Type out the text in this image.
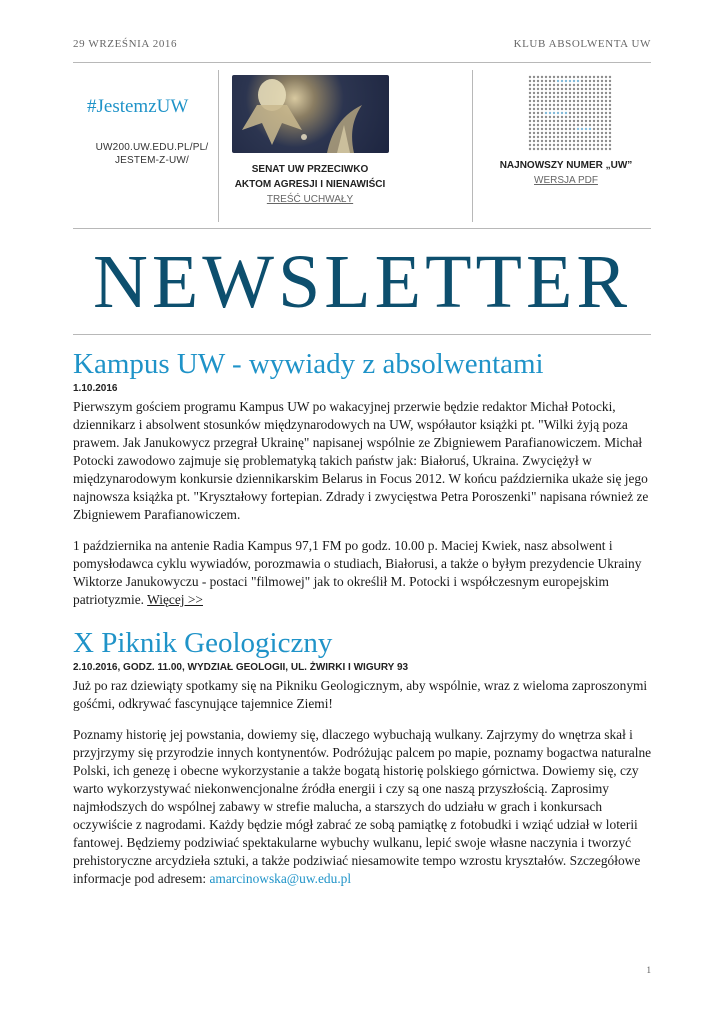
29 WRZEŚNIA 2016	KLUB ABSOLWENTA UW
#JestemzUW
UW200.UW.EDU.PL/PL/
JESTEM-Z-UW/
SENAT UW PRZECIWKO
AKTOM AGRESJI I NIENAWIŚCI
TREŚĆ UCHWAŁY
NAJNOWSZY NUMER „UW”
WERSJA PDF
NEWSLETTER
Kampus UW - wywiady z absolwentami
1.10.2016

Pierwszym gościem programu Kampus UW po wakacyjnej przerwie będzie redaktor Michał Potocki, dziennikarz i absolwent stosunków międzynarodowych na UW, współautor książki pt. "Wilki żyją poza prawem. Jak Janukowycz przegrał Ukrainę" napisanej wspólnie ze Zbigniewem Parafianowiczem. Michał Potocki zawodowo zajmuje się problematyką takich państw jak: Białoruś, Ukraina. Zwyciężył w międzynarodowym konkursie dziennikarskim Belarus in Focus 2012. W końcu października ukaże się jego najnowsza książka pt. "Kryształowy fortepian. Zdrady i zwycięstwa Petra Poroszenki" napisana również ze Zbigniewem Parafianowiczem.

1 października na antenie Radia Kampus 97,1 FM po godz. 10.00 p. Maciej Kwiek, nasz absolwent i pomysłodawca cyklu wywiadów, porozmawia o studiach, Białorusi, a także o byłym prezydencie Ukrainy Wiktorze Janukowyczu - postaci "filmowej" jak to określił M. Potocki i współczesnym europejskim patriotyzmie. Więcej >>

X Piknik Geologiczny
2.10.2016, GODZ. 11.00, WYDZIAŁ GEOLOGII, UL. ŻWIRKI I WIGURY 93

Już po raz dziewiąty spotkamy się na Pikniku Geologicznym, aby wspólnie, wraz z wieloma zaproszonymi gośćmi, odkrywać fascynujące tajemnice Ziemi!

Poznamy historię jej powstania, dowiemy się, dlaczego wybuchają wulkany. Zajrzymy do wnętrza skał i przyjrzymy się przyrodzie innych kontynentów. Podróżując palcem po mapie, poznamy bogactwa naturalne Polski, ich genezę i obecne wykorzystanie a także bogatą historię polskiego górnictwa. Dowiemy się, czy warto wykorzystywać niekonwencjonalne źródła energii i czy są one naszą przyszłością. Zaprosimy najmłodszych do wspólnej zabawy w strefie malucha, a starszych do udziału w grach i konkursach oczywiście z nagrodami. Każdy będzie mógł zabrać ze sobą pamiątkę z fotobudki i wziąć udział w loterii fantowej. Będziemy podziwiać spektakularne wybuchy wulkanu, lepić swoje własne naczynia i tworzyć prehistoryczne arcydzieła sztuki, a także podziwiać niesamowite tempo wzrostu kryształów. Szczegółowe informacje pod adresem: amarcinowska@uw.edu.pl

1
